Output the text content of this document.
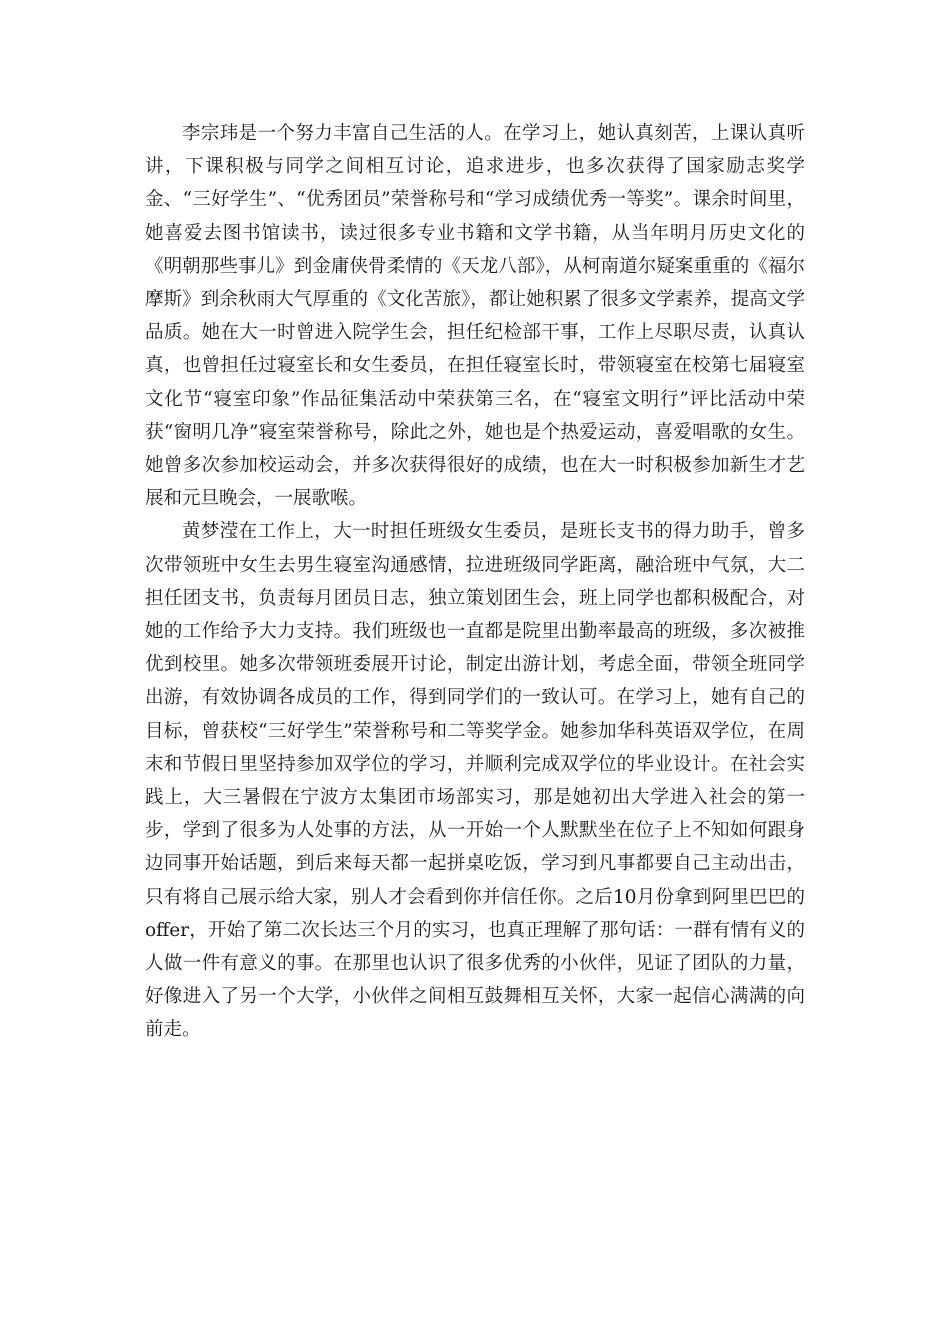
李宗玮是一个努力丰富自己生活的人。在学习上，她认真刻苦，上课认真听讲，下课积极与同学之间相互讨论，追求进步，也多次获得了国家励志奖学金、“三好学生”、“优秀团员”荣誉称号和“学习成绩优秀一等奖”。课余时间里，她喜爱去图书馆读书，读过很多专业书籍和文学书籍，从当年明月历史文化的《明朝那些事儿》到金庸侠骨柔情的《天龙八部》，从柯南道尔疑案重重的《福尔摩斯》到余秋雨大气厚重的《文化苦旅》，都让她积累了很多文学素养，提高文学品质。她在大一时曾进入院学生会，担任纪检部干事，工作上尽职尽责，认真认真，也曾担任过寝室长和女生委员，在担任寝室长时，带领寝室在校第七届寝室文化节“寝室印象”作品征集活动中荣获第三名，在“寝室文明行”评比活动中荣获“窗明几净”寝室荣誉称号，除此之外，她也是个热爱运动，喜爱唱歌的女生。她曾多次参加校运动会，并多次获得很好的成绩，也在大一时积极参加新生才艺展和元旦晚会，一展歌喉。

黄梦滢在工作上，大一时担任班级女生委员，是班长支书的得力助手，曾多次带领班中女生去男生寝室沟通感情，拉进班级同学距离，融洽班中气氛，大二担任团支书，负责每月团员日志，独立策划团生会，班上同学也都积极配合，对她的工作给予大力支持。我们班级也一直都是院里出勤率最高的班级，多次被推优到校里。她多次带领班委展开讨论，制定出游计划，考虑全面，带领全班同学出游，有效协调各成员的工作，得到同学们的一致认可。在学习上，她有自己的目标，曾获校“三好学生”荣誉称号和二等奖学金。她参加华科英语双学位，在周末和节假日里坚持参加双学位的学习，并顺利完成双学位的毕业设计。在社会实践上，大三暑假在宁波方太集团市场部实习，那是她初出大学进入社会的第一步，学到了很多为人处事的方法，从一开始一个人默默坐在位子上不知如何跟身边同事开始话题，到后来每天都一起拼桌吃饭，学习到凡事都要自己主动出击，只有将自己展示给大家，别人才会看到你并信任你。之后10月份拿到阿里巴巴的offer，开始了第二次长达三个月的实习，也真正理解了那句话：一群有情有义的人做一件有意义的事。在那里也认识了很多优秀的小伙伴，见证了团队的力量，好像进入了另一个大学，小伙伴之间相互鼓舞相互关怀，大家一起信心满满的向前走。
